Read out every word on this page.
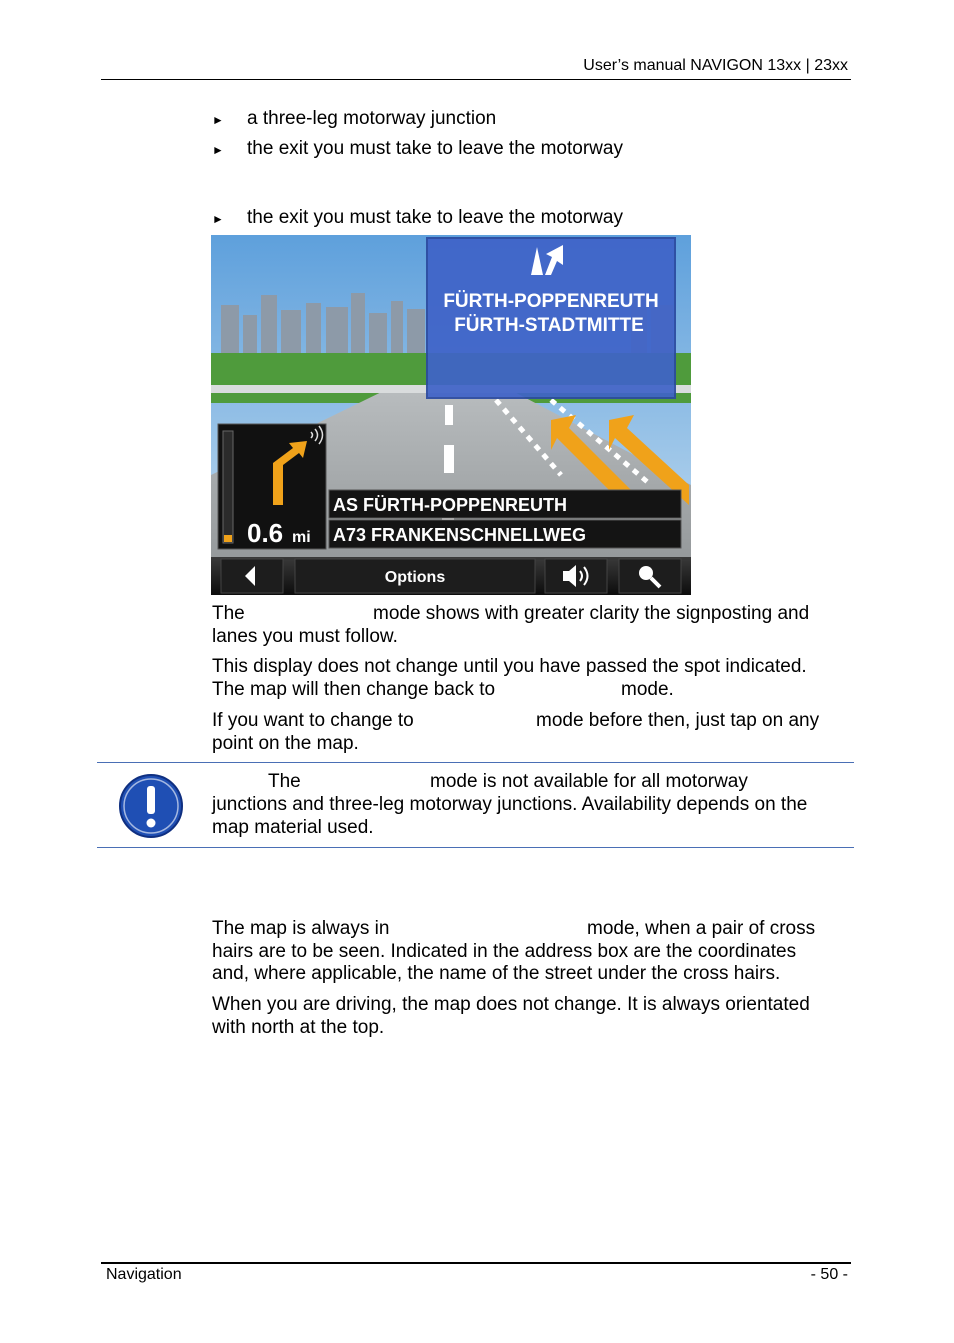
User’s manual NAVIGON 13xx | 23xx
► a three-leg motorway junction
► the exit you must take to leave the motorway
► the exit you must take to leave the motorway
FÜRTH-POPPENREUTH
FÜRTH-STADTMITTE
0.6 mi
AS FÜRTH-POPPENREUTH
A73 FRANKENSCHNELLWEG
Options
The	mode shows with greater clarity the signposting and
lanes you must follow.
This display does not change until you have passed the spot indicated.
The map will then change back to	mode.
If you want to change to	mode before then, just tap on any
point on the map.
The	mode is not available for all motorway
junctions and three-leg motorway junctions. Availability depends on the
map material used.
The map is always in	mode, when a pair of cross
hairs are to be seen. Indicated in the address box are the coordinates
and, where applicable, the name of the street under the cross hairs.
When you are driving, the map does not change. It is always orientated
with north at the top.
Navigation	- 50 -
